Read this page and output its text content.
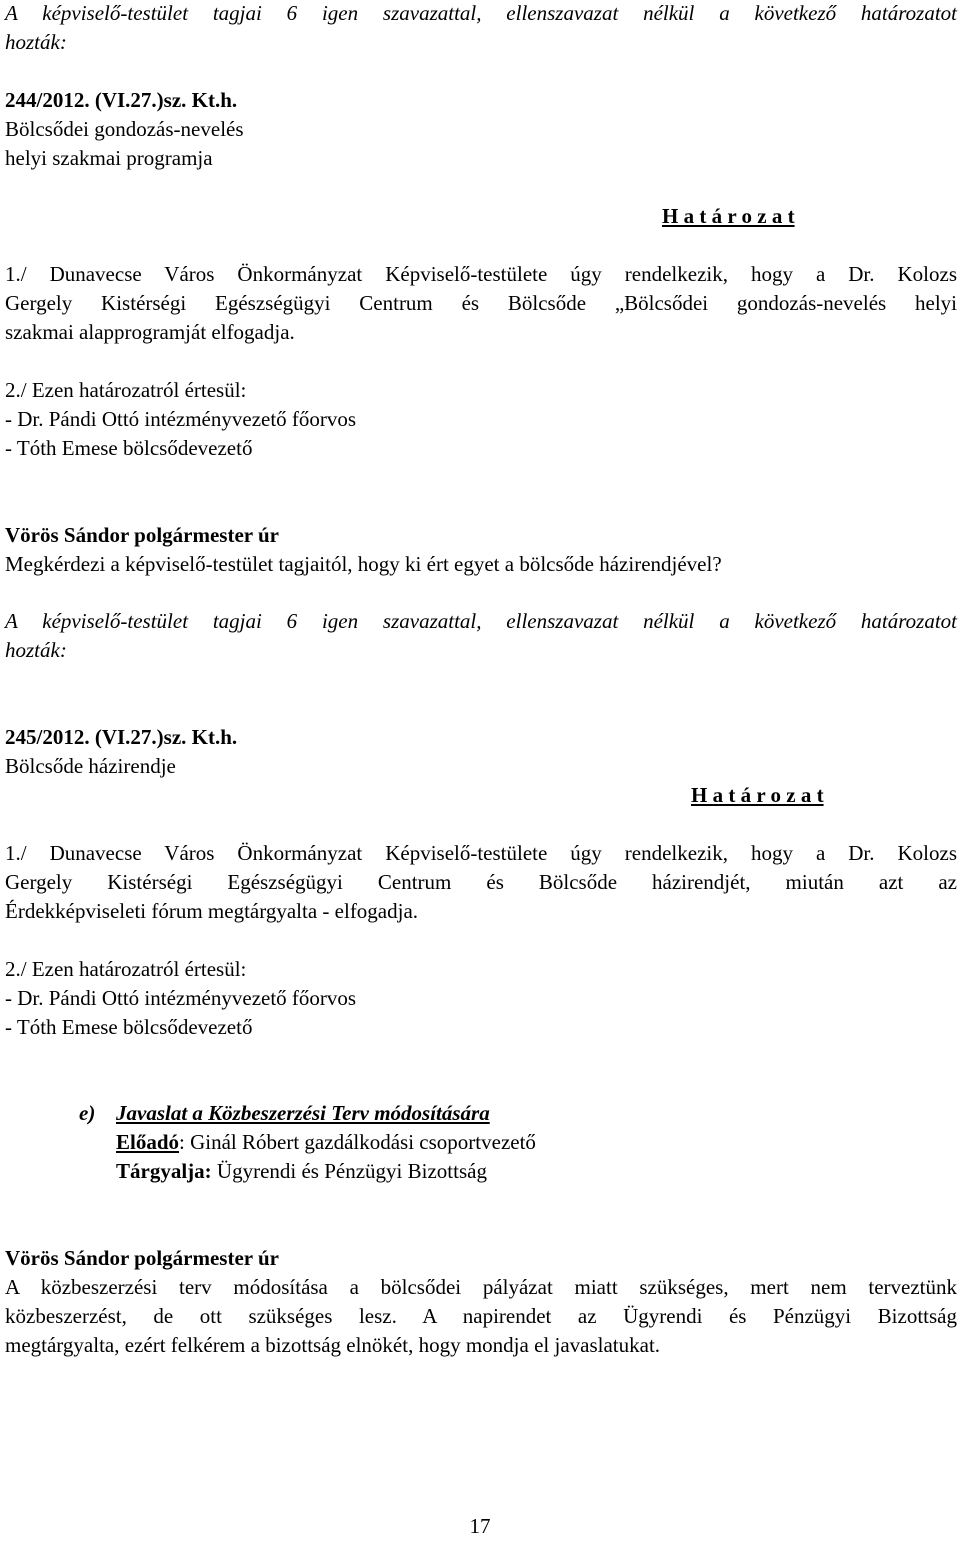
A képviselő-testület tagjai 6 igen szavazattal, ellenszavazat nélkül a következő határozatot
hozták:
244/2012. (VI.27.)sz. Kt.h.
Bölcsődei gondozás-nevelés
helyi szakmai programja
H a t á r o z a t
1./ Dunavecse Város Önkormányzat Képviselő-testülete úgy rendelkezik, hogy a Dr. Kolozs
Gergely Kistérségi Egészségügyi Centrum és Bölcsőde „Bölcsődei gondozás-nevelés helyi
szakmai alapprogramját elfogadja.
2./ Ezen határozatról értesül:
- Dr. Pándi Ottó intézményvezető főorvos
- Tóth Emese bölcsődevezető
Vörös Sándor polgármester úr
Megkérdezi a képviselő-testület tagjaitól, hogy ki ért egyet a bölcsőde házirendjével?
A képviselő-testület tagjai 6 igen szavazattal, ellenszavazat nélkül a következő határozatot
hozták:
245/2012. (VI.27.)sz. Kt.h.
Bölcsőde házirendje
H a t á r o z a t
1./ Dunavecse Város Önkormányzat Képviselő-testülete úgy rendelkezik, hogy a Dr. Kolozs
Gergely Kistérségi Egészségügyi Centrum és Bölcsőde házirendjét, miután azt az
Érdekképviseleti fórum megtárgyalta - elfogadja.
2./ Ezen határozatról értesül:
- Dr. Pándi Ottó intézményvezető főorvos
- Tóth Emese bölcsődevezető
e) Javaslat a Közbeszerzési Terv módosítására
Előadó: Ginál Róbert gazdálkodási csoportvezető
Tárgyalja: Ügyrendi és Pénzügyi Bizottság
Vörös Sándor polgármester úr
A közbeszerzési terv módosítása a bölcsődei pályázat miatt szükséges, mert nem terveztünk
közbeszerzést, de ott szükséges lesz. A napirendet az Ügyrendi és Pénzügyi Bizottság
megtárgyalta, ezért felkérem a bizottság elnökét, hogy mondja el javaslatukat.
17
